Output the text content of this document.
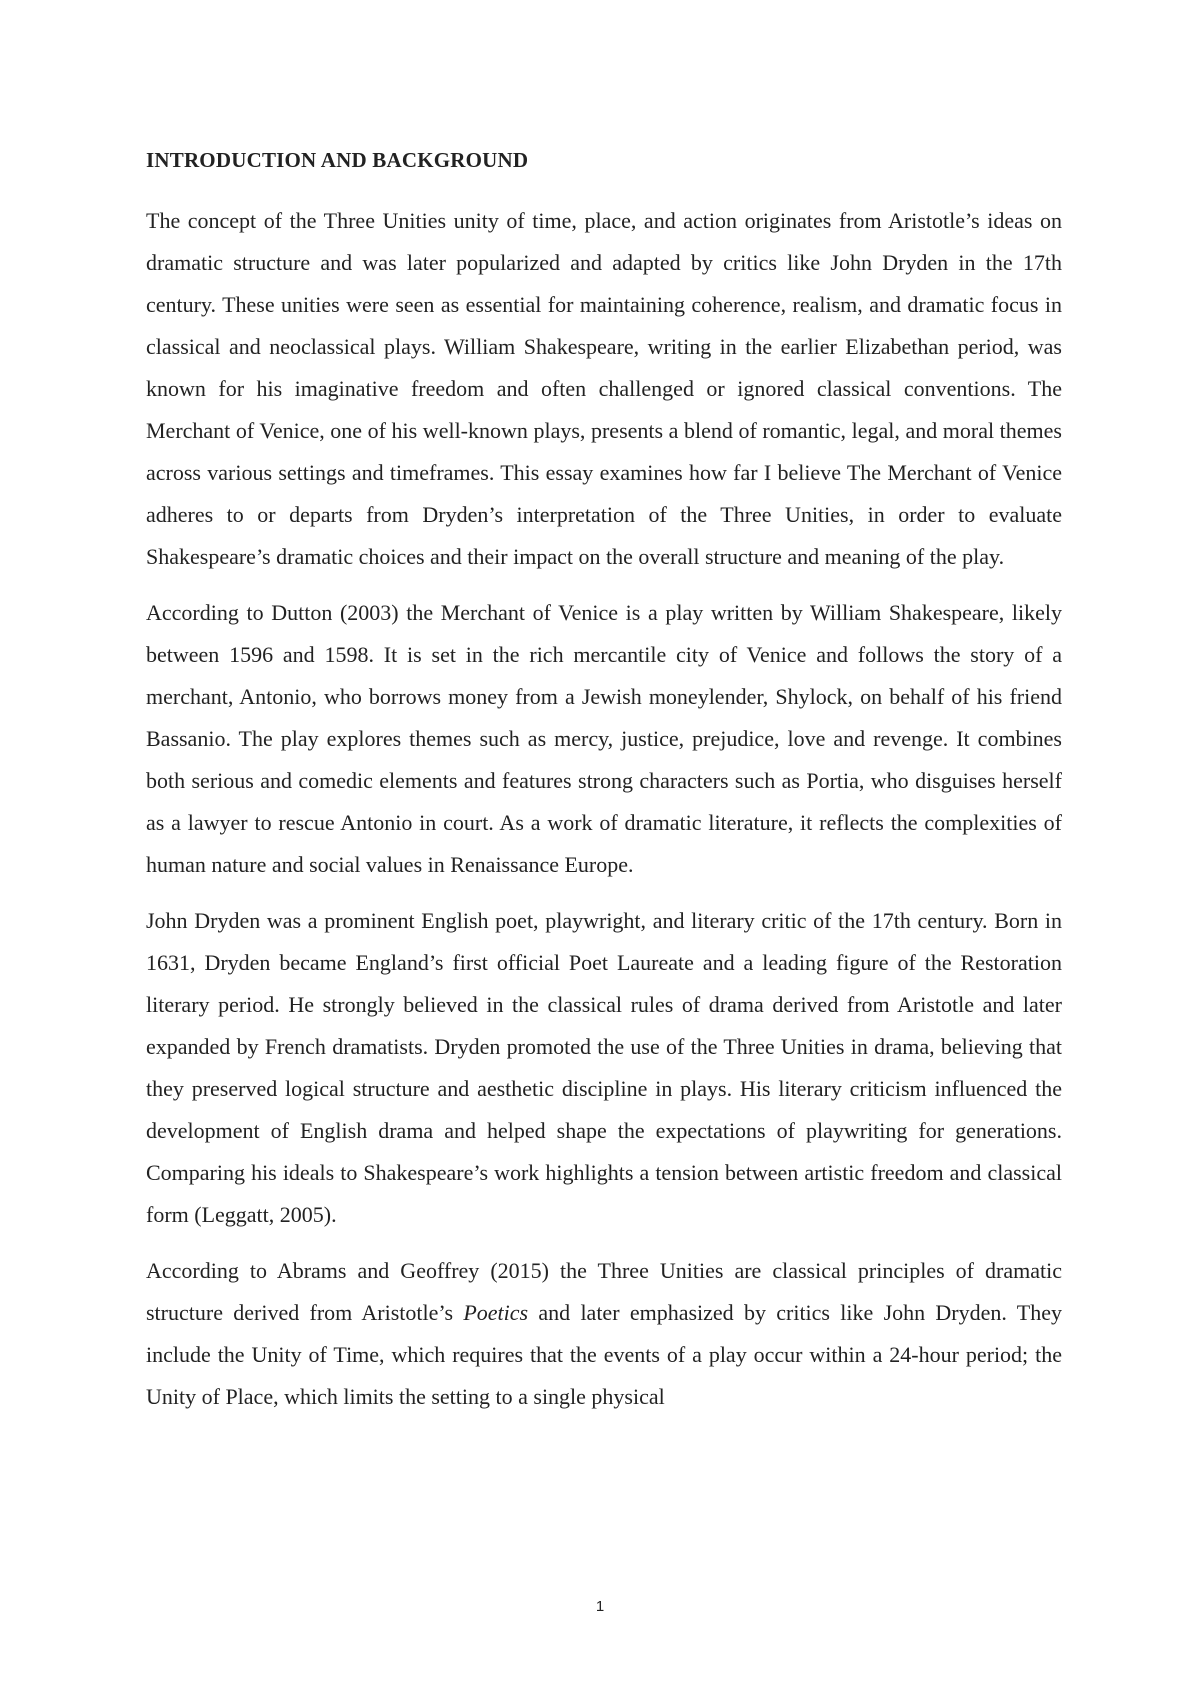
INTRODUCTION AND BACKGROUND

The concept of the Three Unities unity of time, place, and action originates from Aristotle’s ideas on dramatic structure and was later popularized and adapted by critics like John Dryden in the 17th century. These unities were seen as essential for maintaining coherence, realism, and dramatic focus in classical and neoclassical plays. William Shakespeare, writing in the earlier Elizabethan period, was known for his imaginative freedom and often challenged or ignored classical conventions. The Merchant of Venice, one of his well-known plays, presents a blend of romantic, legal, and moral themes across various settings and timeframes. This essay examines how far I believe The Merchant of Venice adheres to or departs from Dryden’s interpretation of the Three Unities, in order to evaluate Shakespeare’s dramatic choices and their impact on the overall structure and meaning of the play.

According to Dutton (2003) the Merchant of Venice is a play written by William Shakespeare, likely between 1596 and 1598. It is set in the rich mercantile city of Venice and follows the story of a merchant, Antonio, who borrows money from a Jewish moneylender, Shylock, on behalf of his friend Bassanio. The play explores themes such as mercy, justice, prejudice, love and revenge. It combines both serious and comedic elements and features strong characters such as Portia, who disguises herself as a lawyer to rescue Antonio in court. As a work of dramatic literature, it reflects the complexities of human nature and social values in Renaissance Europe.

John Dryden was a prominent English poet, playwright, and literary critic of the 17th century. Born in 1631, Dryden became England’s first official Poet Laureate and a leading figure of the Restoration literary period. He strongly believed in the classical rules of drama derived from Aristotle and later expanded by French dramatists. Dryden promoted the use of the Three Unities in drama, believing that they preserved logical structure and aesthetic discipline in plays. His literary criticism influenced the development of English drama and helped shape the expectations of playwriting for generations. Comparing his ideals to Shakespeare’s work highlights a tension between artistic freedom and classical form (Leggatt, 2005).

According to Abrams and Geoffrey (2015) the Three Unities are classical principles of dramatic structure derived from Aristotle’s Poetics and later emphasized by critics like John Dryden. They include the Unity of Time, which requires that the events of a play occur within a 24-hour period; the Unity of Place, which limits the setting to a single physical

1
